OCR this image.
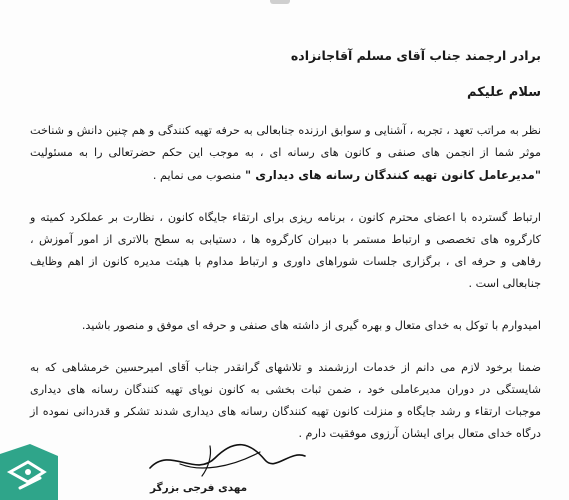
برادر ارجمند جناب آقای مسلم آقاجانزاده
سلام علیکم

نظر به مراتب تعهد ، تجربه ، آشنایی و سوابق ارزنده جنابعالی به حرفه تهیه کنندگی و هم چنین دانش و شناخت موثر شما از انجمن های صنفی و کانون های رسانه ای ، به موجب این حکم حضرتعالی را به مسئولیت "مدیرعامل کانون تهیه کنندگان رسانه های دیداری " منصوب می نمایم .

ارتباط گسترده با اعضای محترم کانون ، برنامه ریزی برای ارتقاء جایگاه کانون ، نظارت بر عملکرد کمیته و کارگروه های تخصصی و ارتباط مستمر با دبیران کارگروه ها ، دستیابی به سطح بالاتری از امور آموزش ، رفاهی و حرفه ای ، برگزاری جلسات شوراهای داوری و ارتباط مداوم با هیئت مدیره کانون از اهم وظایف جنابعالی است .

امیدوارم با توکل به خدای متعال و بهره گیری از داشته های صنفی و حرفه ای موفق و منصور باشید.

ضمنا برخود لازم می دانم از خدمات ارزشمند و تلاشهای گرانقدر جناب آقای امیرحسین خرمشاهی که به شایستگی در دوران مدیرعاملی خود ، ضمن ثبات بخشی به کانون نوپای تهیه کنندگان رسانه های دیداری موجبات ارتقاء و رشد جایگاه و منزلت کانون تهیه کنندگان رسانه های دیداری شدند تشکر و قدردانی نموده از درگاه خدای متعال برای ایشان آرزوی موفقیت دارم .

مهدی فرجی بزرگر
